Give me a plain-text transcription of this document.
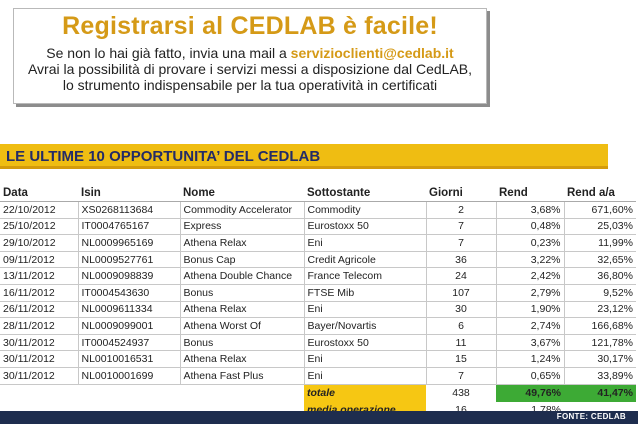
Registrarsi al CEDLAB è facile!

Se non lo hai già fatto, invia una mail a servizioclienti@cedlab.it

Avrai la possibilità di provare i servizi messi a disposizione dal CedLAB,

lo strumento indispensabile per la tua operatività in certificati

LE ULTIME 10 OPPORTUNITA’ DEL CEDLAB
Data	Isin	Nome	Sottostante	Giorni	Rend	Rend a/a
22/10/2012	XS0268113684	Commodity Accelerator	Commodity	2	3,68%	671,60%
25/10/2012	IT0004765167	Express	Eurostoxx 50	7	0,48%	25,03%
29/10/2012	NL0009965169	Athena Relax	Eni	7	0,23%	11,99%
09/11/2012	NL0009527761	Bonus Cap	Credit Agricole	36	3,22%	32,65%
13/11/2012	NL0009098839	Athena Double Chance	France Telecom	24	2,42%	36,80%
16/11/2012	IT0004543630	Bonus	FTSE Mib	107	2,79%	9,52%
26/11/2012	NL0009611334	Athena Relax	Eni	30	1,90%	23,12%
28/11/2012	NL0009099001	Athena Worst Of	Bayer/Novartis	6	2,74%	166,68%
30/11/2012	IT0004524937	Bonus	Eurostoxx 50	11	3,67%	121,78%
30/11/2012	NL0010016531	Athena Relax	Eni	15	1,24%	30,17%
30/11/2012	NL0010001699	Athena Fast Plus	Eni	7	0,65%	33,89%
			totale	438	49,76%	41,47%

FONTE: CEDLAB
